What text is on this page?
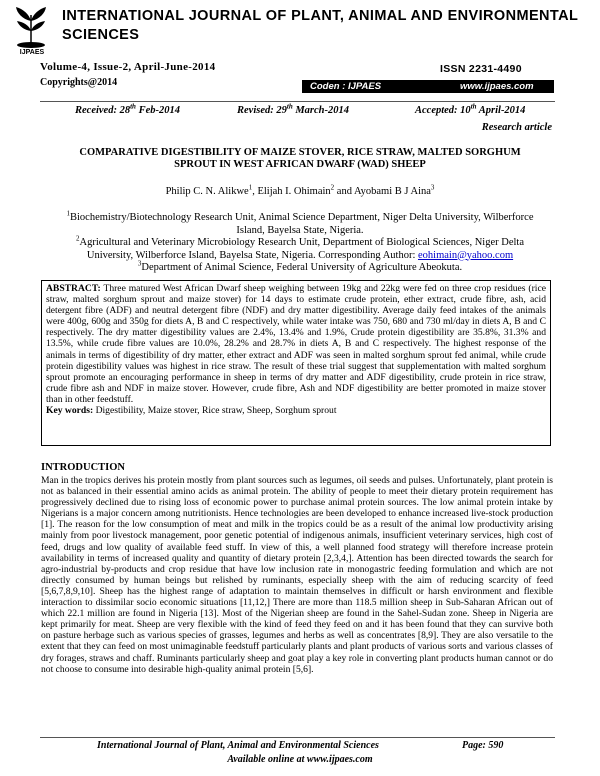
IJPAES
INTERNATIONAL JOURNAL OF PLANT, ANIMAL AND ENVIRONMENTAL SCIENCES
Volume-4, Issue-2, April-June-2014
Copyrights@2014
ISSN 2231-4490
Coden : IJPAES	www.ijpaes.com
Received: 28th Feb-2014	Revised: 29th March-2014	Accepted: 10th April-2014
Research article
COMPARATIVE DIGESTIBILITY OF MAIZE STOVER, RICE STRAW, MALTED SORGHUM SPROUT IN WEST AFRICAN DWARF (WAD) SHEEP
Philip C. N. Alikwe$^1$, Elijah I. Ohimain$^2$ and Ayobami B J Aina$^3$
$^1$Biochemistry/Biotechnology Research Unit, Animal Science Department, Niger Delta University, Wilberforce Island, Bayelsa State, Nigeria.
$^2$Agricultural and Veterinary Microbiology Research Unit, Department of Biological Sciences, Niger Delta University, Wilberforce Island, Bayelsa State, Nigeria. Corresponding Author: eohimain@yahoo.com
$^3$Department of Animal Science, Federal University of Agriculture Abeokuta.
ABSTRACT: Three matured West African Dwarf sheep weighing between 19kg and 22kg were fed on three crop residues (rice straw, malted sorghum sprout and maize stover) for 14 days to estimate crude protein, ether extract, crude fibre, ash, acid detergent fibre (ADF) and neutral detergent fibre (NDF) and dry matter digestibility. Average daily feed intakes of the animals were 400g, 600g and 350g for diets A, B and C respectively, while water intake was 750, 680 and 730 ml/day in diets A, B and C respectively. The dry matter digestibility values are 2.4%, 13.4% and 1.9%, Crude protein digestibility are 35.8%, 31.3% and 13.5%, while crude fibre values are 10.0%, 28.2% and 28.7% in diets A, B and C respectively. The highest response of the animals in terms of digestibility of dry matter, ether extract and ADF was seen in malted sorghum sprout fed animal, while crude protein digestibility values was highest in rice straw. The result of these trial suggest that supplementation with malted sorghum sprout promote an encouraging performance in sheep in terms of dry matter and ADF digestibility, crude protein in rice straw, crude fibre ash and NDF in maize stover. However, crude fibre, Ash and NDF digestibility are better promoted in maize stover than in other feedstuff.
Key words: Digestibility, Maize stover, Rice straw, Sheep, Sorghum sprout
INTRODUCTION
Man in the tropics derives his protein mostly from plant sources such as legumes, oil seeds and pulses. Unfortunately, plant protein is not as balanced in their essential amino acids as animal protein. The ability of people to meet their dietary protein requirement has progressively declined due to rising loss of economic power to purchase animal protein sources. The low animal protein intake by Nigerians is a major concern among nutritionists. Hence technologies are been developed to enhance increased live-stock production [1]. The reason for the low consumption of meat and milk in the tropics could be as a result of the animal low productivity arising mainly from poor livestock management, poor genetic potential of indigenous animals, insufficient veterinary services, high cost of feed, drugs and low quality of available feed stuff. In view of this, a well planned food strategy will therefore increase protein availability in terms of increased quality and quantity of dietary protein [2,3,4,]. Attention has been directed towards the search for agro-industrial by-products and crop residue that have low inclusion rate in monogastric feeding formulation and which are not directly consumed by human beings but relished by ruminants, especially sheep with the aim of reducing scarcity of feed [5,6,7,8,9,10]. Sheep has the highest range of adaptation to maintain themselves in difficult or harsh environment and flexible interaction to dissimilar socio economic situations [11,12,] There are more than 118.5 million sheep in Sub-Saharan African out of which 22.1 million are found in Nigeria [13]. Most of the Nigerian sheep are found in the Sahel-Sudan zone. Sheep in Nigeria are kept primarily for meat. Sheep are very flexible with the kind of feed they feed on and it has been found that they can survive both on pasture herbage such as various species of grasses, legumes and herbs as well as concentrates [8,9]. They are also versatile to the extent that they can feed on most unimaginable feedstuff particularly plants and plant products of various sorts and various classes of dry forages, straws and chaff. Ruminants particularly sheep and goat play a key role in converting plant products human cannot or do not choose to consume into desirable high-quality animal protein [5,6].
International Journal of Plant, Animal and Environmental Sciences	Page: 590
Available online at www.ijpaes.com
